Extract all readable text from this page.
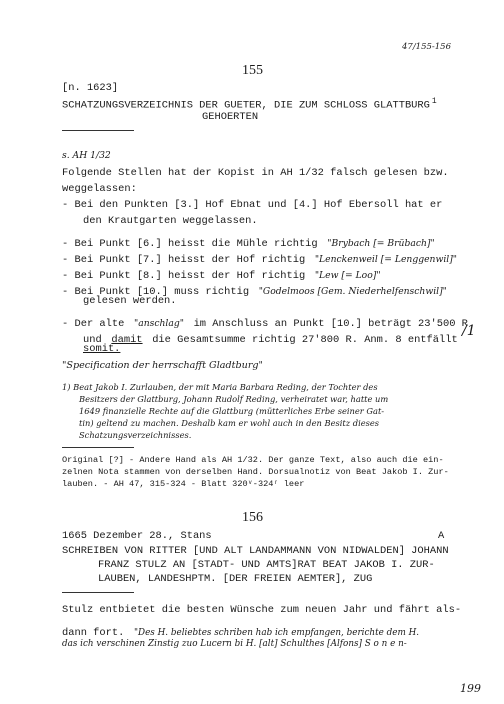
47/155-156
155
[n. 1623]
SCHATZUNGSVERZEICHNIS DER GUETER, DIE ZUM SCHLOSS GLATTBURG $^1$
GEHOERTEN
s. AH 1/32
Folgende Stellen hat der Kopist in AH 1/32 falsch gelesen bzw.
weggelassen:
- Bei den Punkten [3.] Hof Ebnat und [4.] Hof Ebersoll hat er
den Krautgarten weggelassen.
- Bei Punkt [6.] heisst die Mühle richtig "Brybach [= Brübach]"
- Bei Punkt [7.] heisst der Hof richtig "Lenckenweil [= Lenggenwil]"
- Bei Punkt [8.] heisst der Hof richtig "Lew [= Loo]"
- Bei Punkt [10.] muss richtig "Godelmoos [Gem. Niederhelfenschwil]"
gelesen werden.
- Der alte "anschlag" im Anschluss an Punkt [10.] beträgt 23'500 R
und damit die Gesamtsumme richtig 27'800 R. Anm. 8 entfällt
somit.
/1
"Specification der herrschafft Gladtburg"
1) Beat Jakob I. Zurlauben, der mit Maria Barbara Reding, der Tochter des
Besitzers der Glattburg, Johann Rudolf Reding, verheiratet war, hatte um
1649 finanzielle Rechte auf die Glattburg (mütterliches Erbe seiner Gat-
tin) geltend zu machen. Deshalb kam er wohl auch in den Besitz dieses
Schatzungsverzeichnisses.
Original [?] - Andere Hand als AH 1/32. Der ganze Text, also auch die ein-
zelnen Nota stammen von derselben Hand. Dorsualnotiz von Beat Jakob I. Zur-
lauben. - AH 47, 315-324 - Blatt 320ᵛ-324ʳ leer
156
1665 Dezember 28., Stans	A
SCHREIBEN VON RITTER [UND ALT LANDAMMANN VON NIDWALDEN] JOHANN
FRANZ STULZ AN [STADT- UND AMTS]RAT BEAT JAKOB I. ZUR-
LAUBEN, LANDESHPTM. [DER FREIEN AEMTER], ZUG
Stulz entbietet die besten Wünsche zum neuen Jahr und fährt als-
dann fort. "Des H. beliebtes schriben hab ich empfangen, berichte dem H.
das ich verschinen Zinstig zuo Lucern bi H. [alt] Schulthes [Alfons] S o n e n-
199
